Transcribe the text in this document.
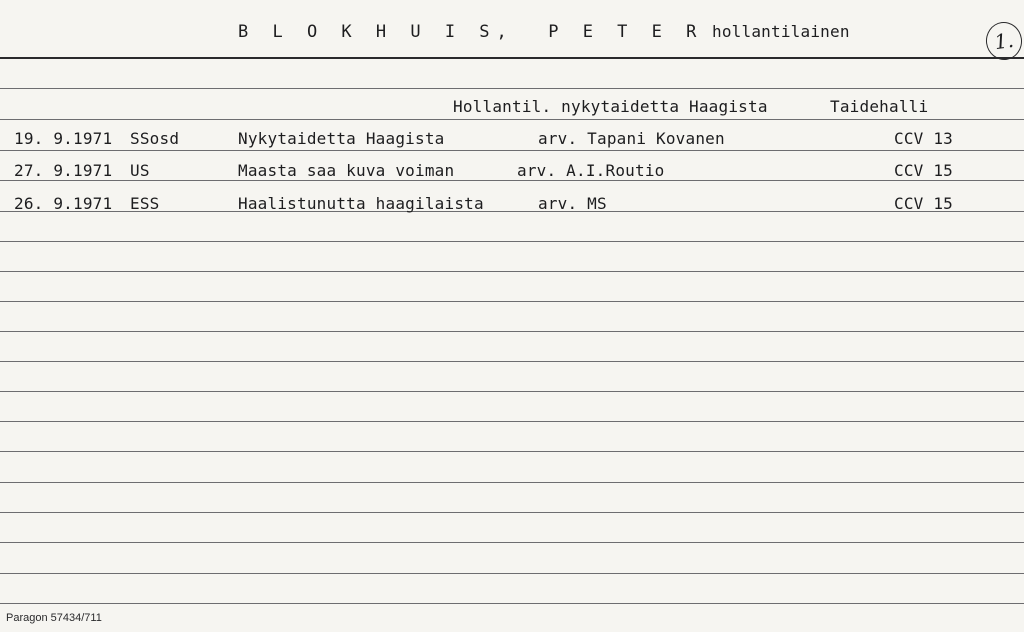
B L O K H U I S,  P E T E R hollantilainen	1.
Hollantil. nykytaidetta Haagista	Taidehalli
19. 9.1971 SSosd	Nykytaidetta Haagista	arv. Tapani Kovanen	CCV 13
27. 9.1971 US	Maasta saa kuva voiman	arv. A.I.Routio	CCV 15
26. 9.1971 ESS	Haalistunutta haagilaista	arv. MS	CCV 15
Paragon 57434/711
